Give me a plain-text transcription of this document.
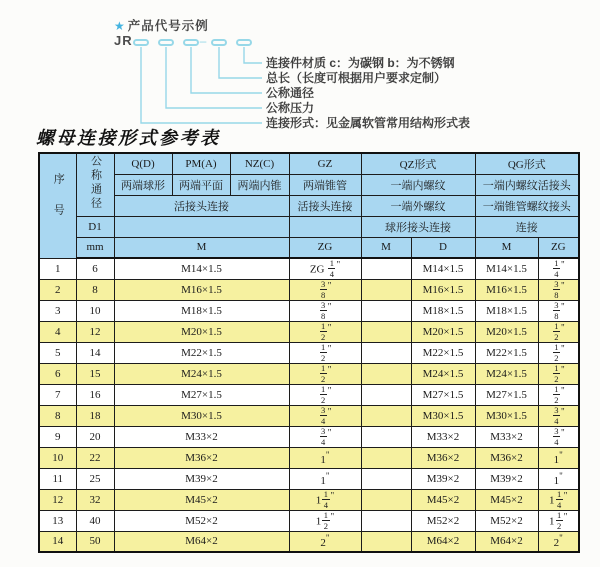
★ 产品代号示例
JR	–
连接件材质 c：为碳钢 b：为不锈钢
总长（长度可根据用户要求定制）
公称通径
公称压力
连接形式：见金属软管常用结构形式表
螺母连接形式参考表
序号	公称通径	Q(D)	PM(A)	NZ(C)	GZ	QZ形式		QG形式	
		两端球形	两端平面	两端内锥	两端锥管	一端内螺纹		一端内螺纹活接头	
		活接头连接			活接头连接	一端外螺纹		一端锥管螺纹接头	
	D1					球形接头连接		连接	
	mm	M			ZG	M	D	M	ZG
1	6	M14×1.5			ZG $\frac{1}{4} ^"$		M14×1.5	M14×1.5	$\frac{1}{4} ^"$
2	8	M16×1.5			$\frac{3}{8} ^"$		M16×1.5	M16×1.5	$\frac{3}{8} ^"$
3	10	M18×1.5			$\frac{3}{8} ^"$		M18×1.5	M18×1.5	$\frac{3}{8} ^"$
4	12	M20×1.5			$\frac{1}{2} ^"$		M20×1.5	M20×1.5	$\frac{1}{2} ^"$
5	14	M22×1.5			$\frac{1}{2} ^"$		M22×1.5	M22×1.5	$\frac{1}{2} ^"$
6	15	M24×1.5			$\frac{1}{2} ^"$		M24×1.5	M24×1.5	$\frac{1}{2} ^"$
7	16	M27×1.5			$\frac{1}{2} ^"$		M27×1.5	M27×1.5	$\frac{1}{2} ^"$
8	18	M30×1.5			$\frac{3}{4} ^"$		M30×1.5	M30×1.5	$\frac{3}{4} ^"$
9	20	M33×2			$\frac{3}{4} ^"$		M33×2	M33×2	$\frac{3}{4} ^"$
10	22	M36×2			1"		M36×2	M36×2	1"
11	25	M39×2			1"		M39×2	M39×2	1"
12	32	M45×2			$1 \frac{1}{4} ^"$		M45×2	M45×2	$1 \frac{1}{4} ^"$
13	40	M52×2			$1 \frac{1}{2} ^"$		M52×2	M52×2	$1 \frac{1}{2} ^"$
14	50	M64×2			2"		M64×2	M64×2	2"
